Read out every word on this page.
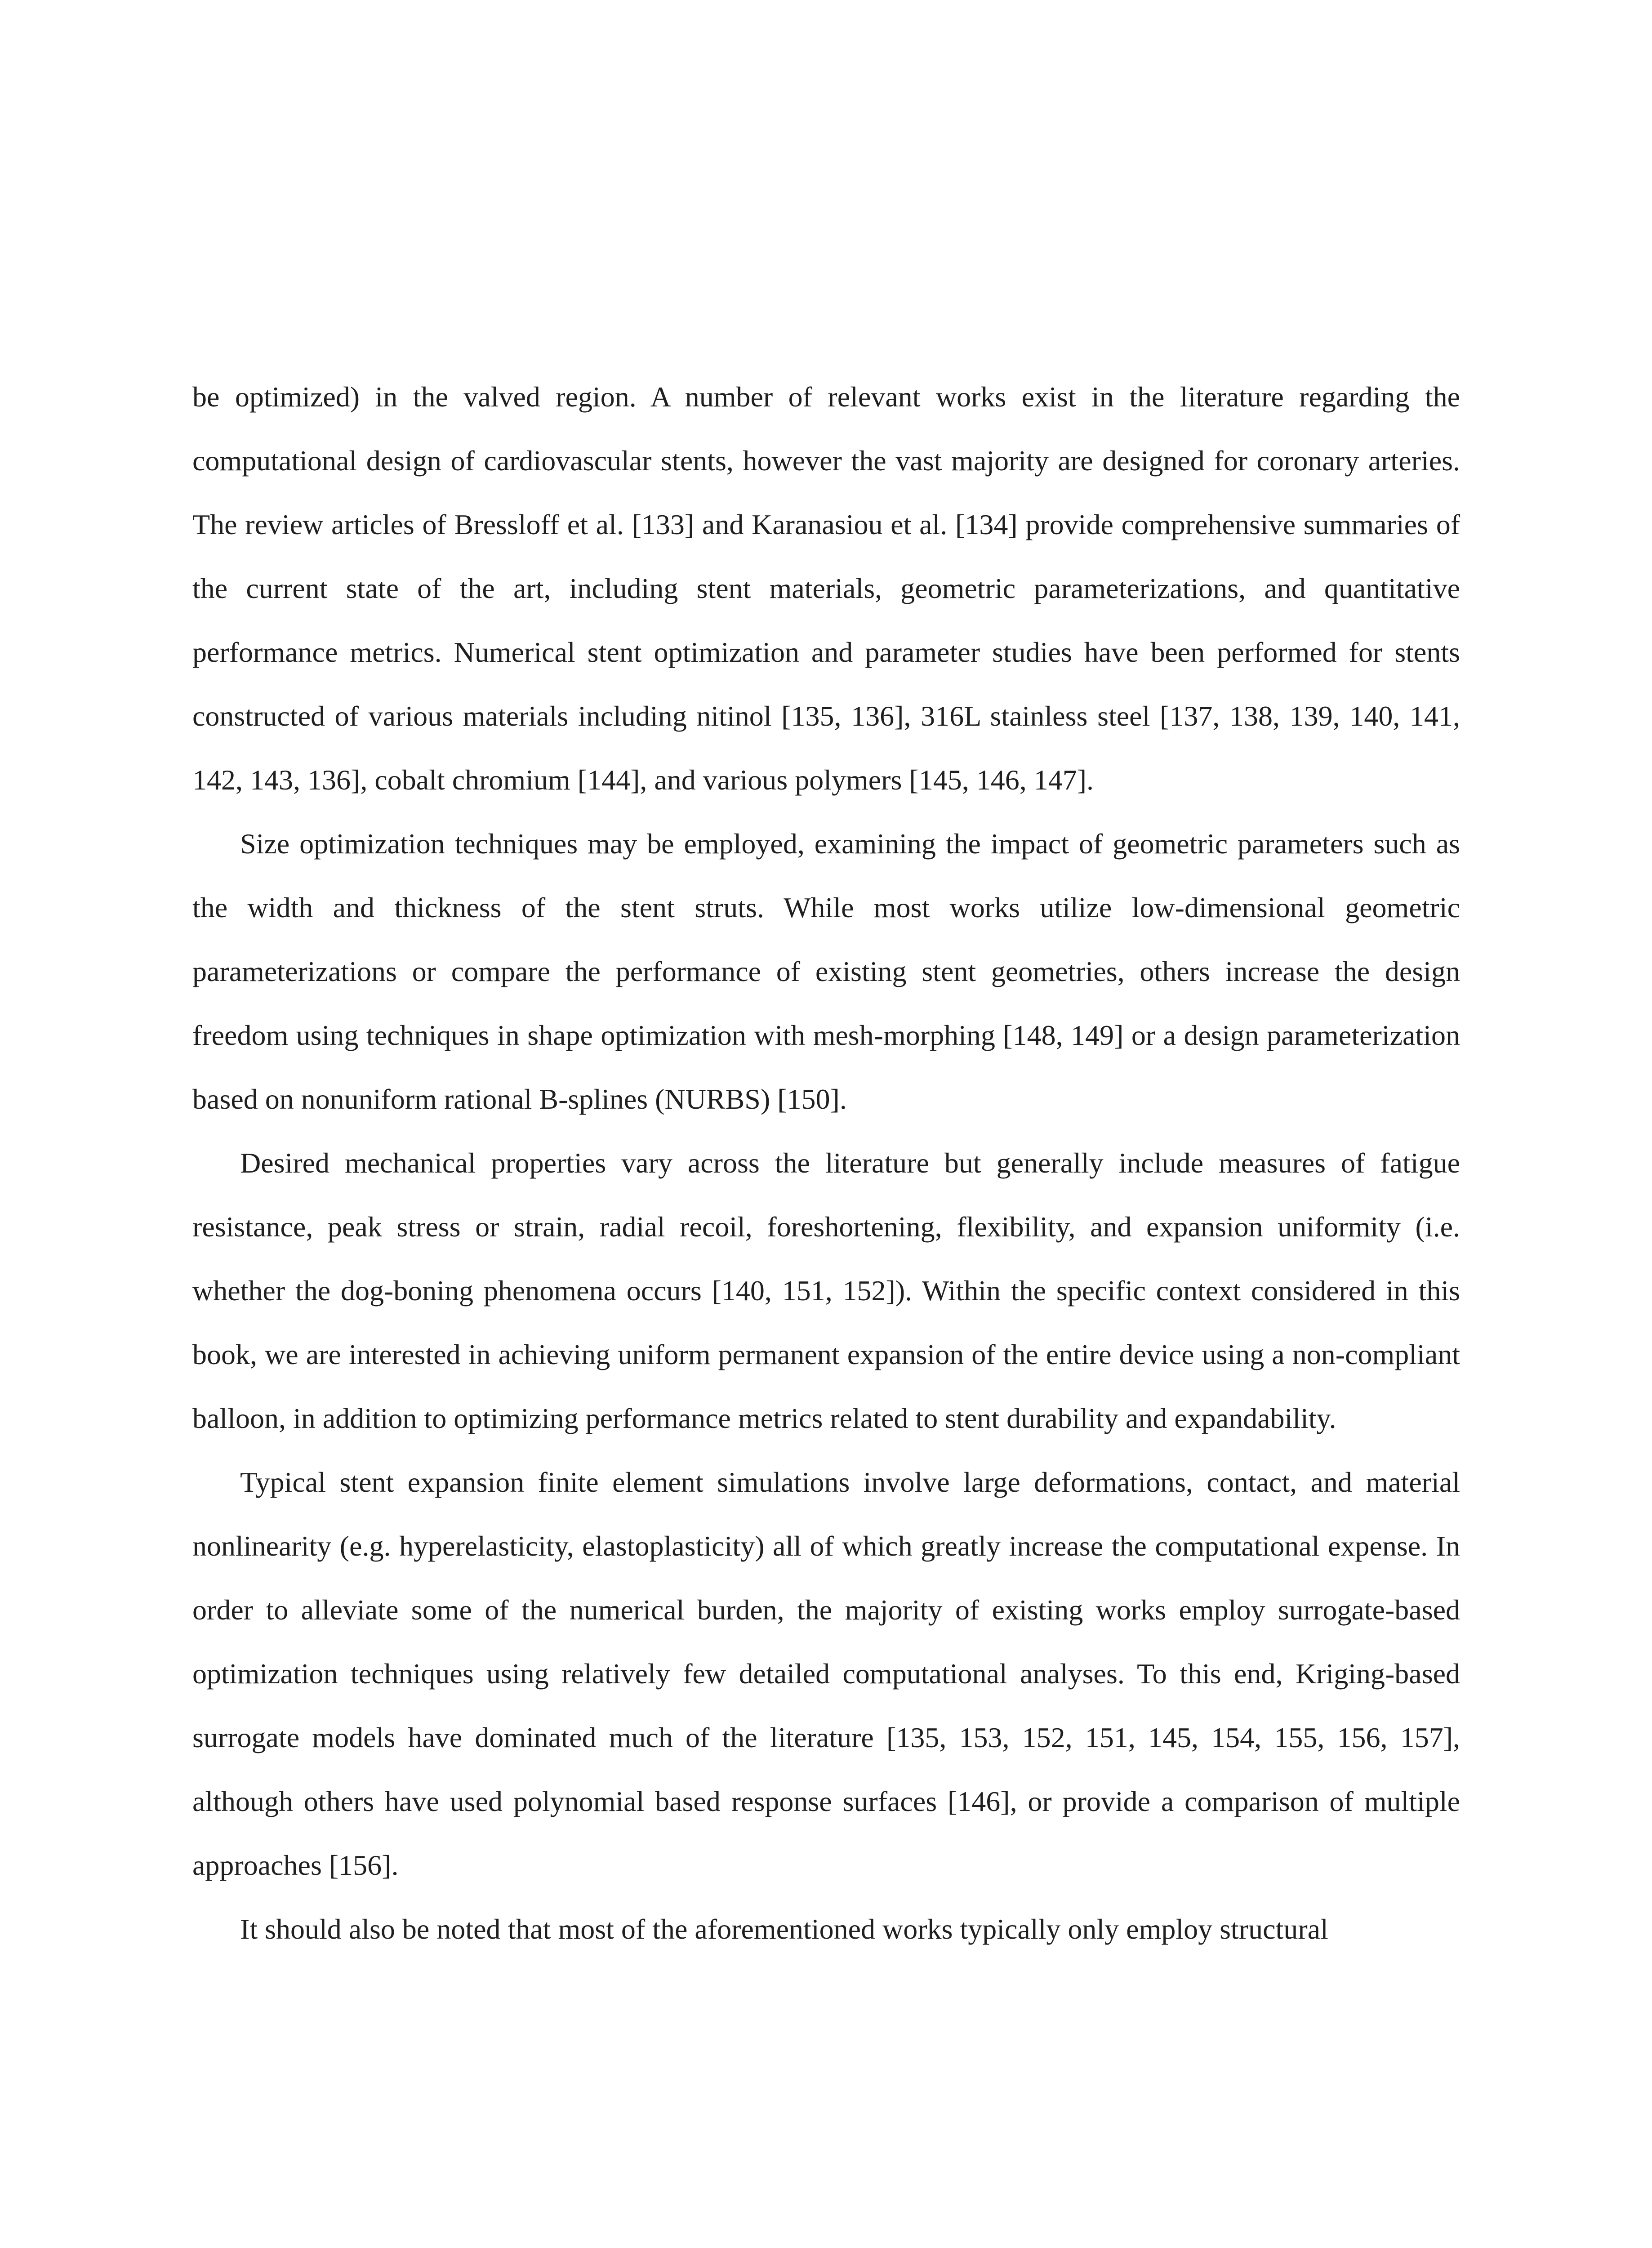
be optimized) in the valved region. A number of relevant works exist in the literature regarding the computational design of cardiovascular stents, however the vast majority are designed for coronary arteries. The review articles of Bressloff et al. [133] and Karanasiou et al. [134] provide comprehensive summaries of the current state of the art, including stent materials, geometric parameterizations, and quantitative performance metrics. Numerical stent optimization and parameter studies have been performed for stents constructed of various materials including nitinol [135, 136], 316L stainless steel [137, 138, 139, 140, 141, 142, 143, 136], cobalt chromium [144], and various polymers [145, 146, 147].

Size optimization techniques may be employed, examining the impact of geometric parameters such as the width and thickness of the stent struts. While most works utilize low-dimensional geometric parameterizations or compare the performance of existing stent geometries, others increase the design freedom using techniques in shape optimization with mesh-morphing [148, 149] or a design parameterization based on nonuniform rational B-splines (NURBS) [150].

Desired mechanical properties vary across the literature but generally include measures of fatigue resistance, peak stress or strain, radial recoil, foreshortening, flexibility, and expansion uniformity (i.e. whether the dog-boning phenomena occurs [140, 151, 152]). Within the specific context considered in this book, we are interested in achieving uniform permanent expansion of the entire device using a non-compliant balloon, in addition to optimizing performance metrics related to stent durability and expandability.

Typical stent expansion finite element simulations involve large deformations, contact, and material nonlinearity (e.g. hyperelasticity, elastoplasticity) all of which greatly increase the computational expense. In order to alleviate some of the numerical burden, the majority of existing works employ surrogate-based optimization techniques using relatively few detailed computational analyses. To this end, Kriging-based surrogate models have dominated much of the literature [135, 153, 152, 151, 145, 154, 155, 156, 157], although others have used polynomial based response surfaces [146], or provide a comparison of multiple approaches [156].

It should also be noted that most of the aforementioned works typically only employ structural
